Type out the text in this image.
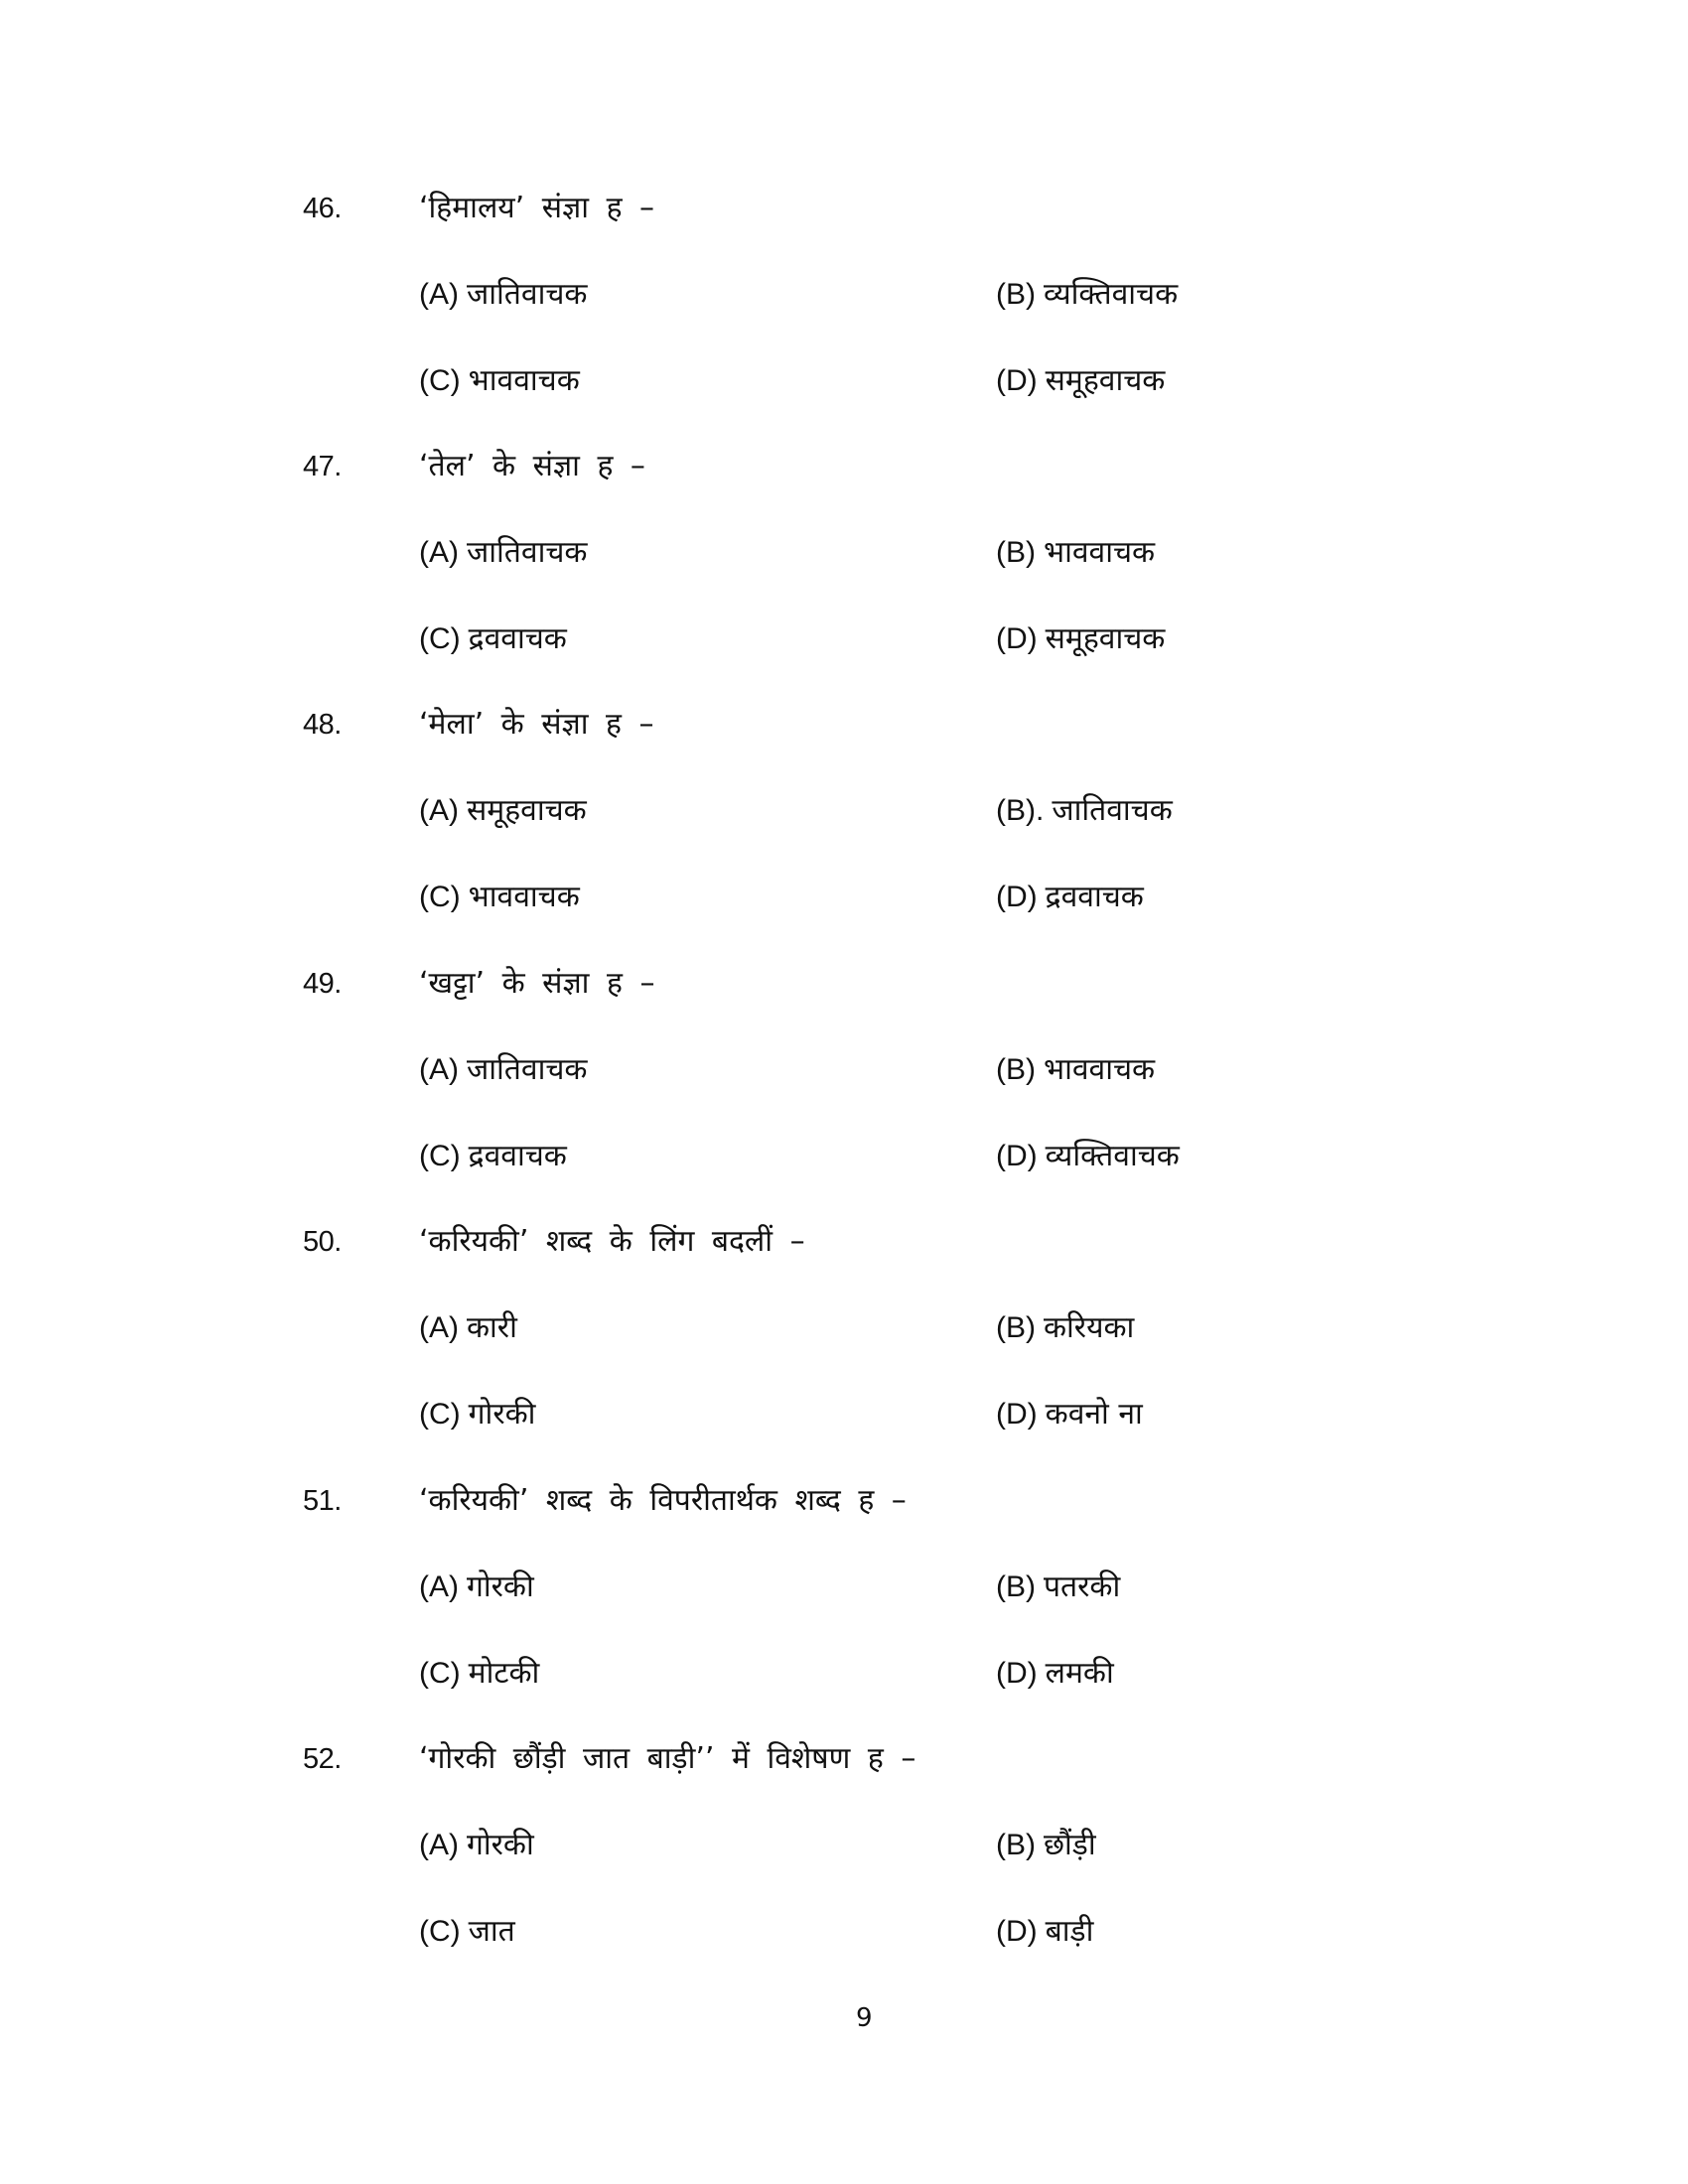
46.	‘हिमालय’ संज्ञा ह –
(A) जातिवाचक	(B) व्यक्तिवाचक
(C) भाववाचक	(D) समूहवाचक
47.	‘तेल’ के संज्ञा ह –
(A) जातिवाचक	(B) भाववाचक
(C) द्रववाचक	(D) समूहवाचक
48.	‘मेला’ के संज्ञा ह –
(A) समूहवाचक	(B). जातिवाचक
(C) भाववाचक	(D) द्रववाचक
49.	‘खट्टा’ के संज्ञा ह –
(A) जातिवाचक	(B) भाववाचक
(C) द्रववाचक	(D) व्यक्तिवाचक
50.	‘करियकी’ शब्द के लिंग बदलीं –
(A) कारी	(B) करियका
(C) गोरकी	(D) कवनो ना
51.	‘करियकी’ शब्द के विपरीतार्थक शब्द ह –
(A) गोरकी	(B) पतरकी
(C) मोटकी	(D) लमकी
52.	‘गोरकी छौंड़ी जात बाड़ी’’ में विशेषण ह –
(A) गोरकी	(B) छौंड़ी
(C) जात	(D) बाड़ी
9
